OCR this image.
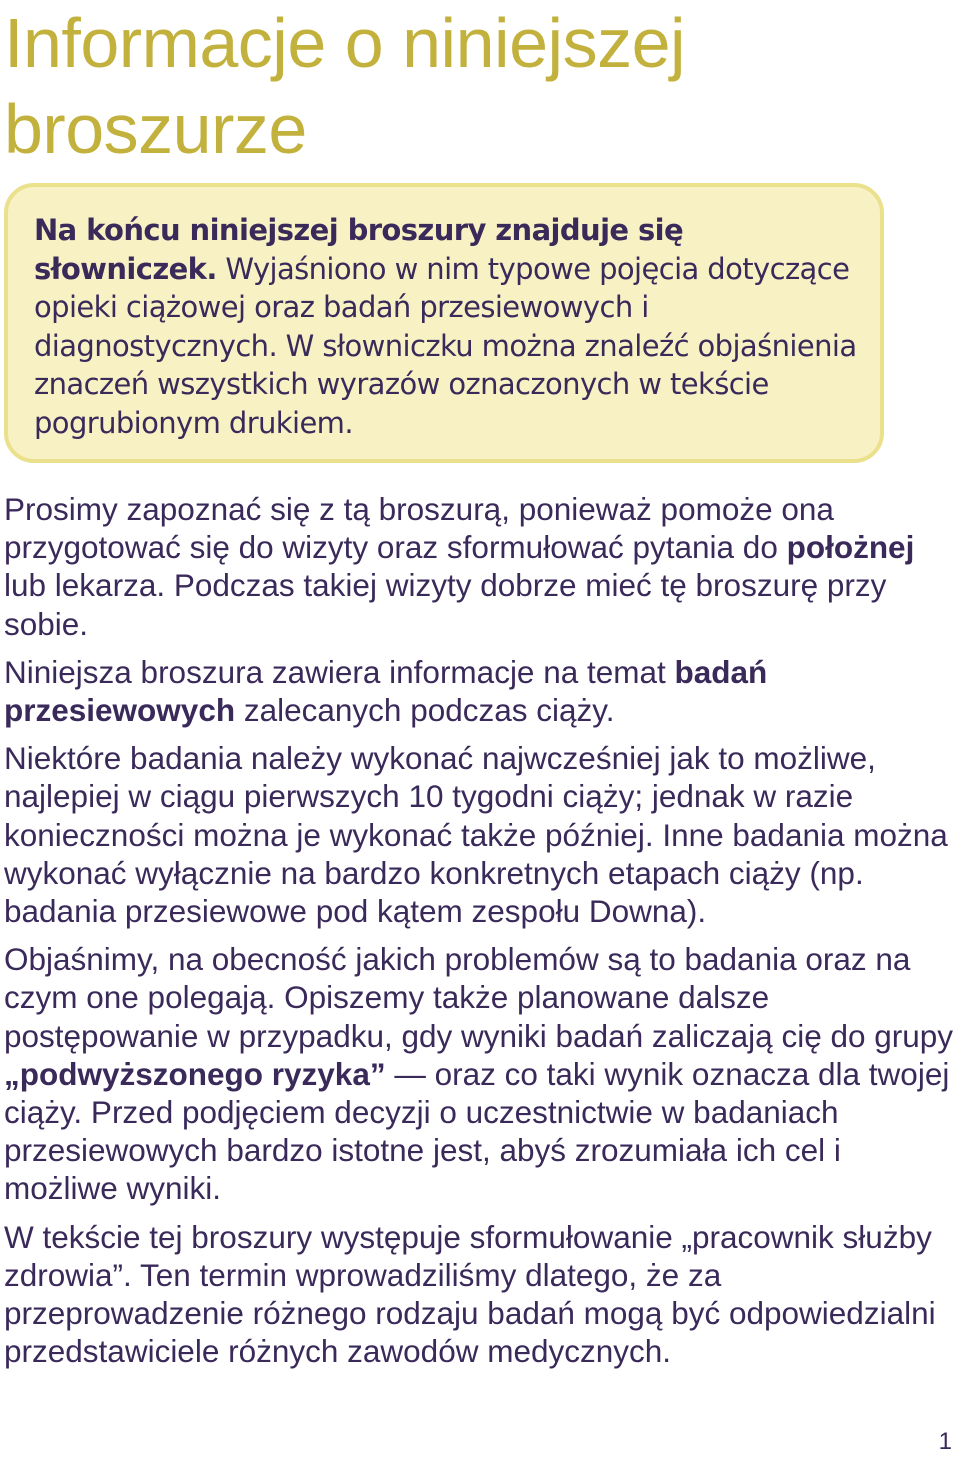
Informacje o niniejszej broszurze

Na końcu niniejszej broszury znajduje się słowniczek. Wyjaśniono w nim typowe pojęcia dotyczące opieki ciążowej oraz badań przesiewowych i diagnostycznych. W słowniczku można znaleźć objaśnienia znaczeń wszystkich wyrazów oznaczonych w tekście pogrubionym drukiem.

Prosimy zapoznać się z tą broszurą, ponieważ pomoże ona przygotować się do wizyty oraz sformułować pytania do położnej lub lekarza. Podczas takiej wizyty dobrze mieć tę broszurę przy sobie.

Niniejsza broszura zawiera informacje na temat badań przesiewowych zalecanych podczas ciąży.

Niektóre badania należy wykonać najwcześniej jak to możliwe, najlepiej w ciągu pierwszych 10 tygodni ciąży; jednak w razie konieczności można je wykonać także później. Inne badania można wykonać wyłącznie na bardzo konkretnych etapach ciąży (np. badania przesiewowe pod kątem zespołu Downa).

Objaśnimy, na obecność jakich problemów są to badania oraz na czym one polegają. Opiszemy także planowane dalsze postępowanie w przypadku, gdy wyniki badań zaliczają cię do grupy „podwyższonego ryzyka” — oraz co taki wynik oznacza dla twojej ciąży. Przed podjęciem decyzji o uczestnictwie w badaniach przesiewowych bardzo istotne jest, abyś zrozumiała ich cel i możliwe wyniki.

W tekście tej broszury występuje sformułowanie „pracownik służby zdrowia”. Ten termin wprowadziliśmy dlatego, że za przeprowadzenie różnego rodzaju badań mogą być odpowiedzialni przedstawiciele różnych zawodów medycznych.

1
